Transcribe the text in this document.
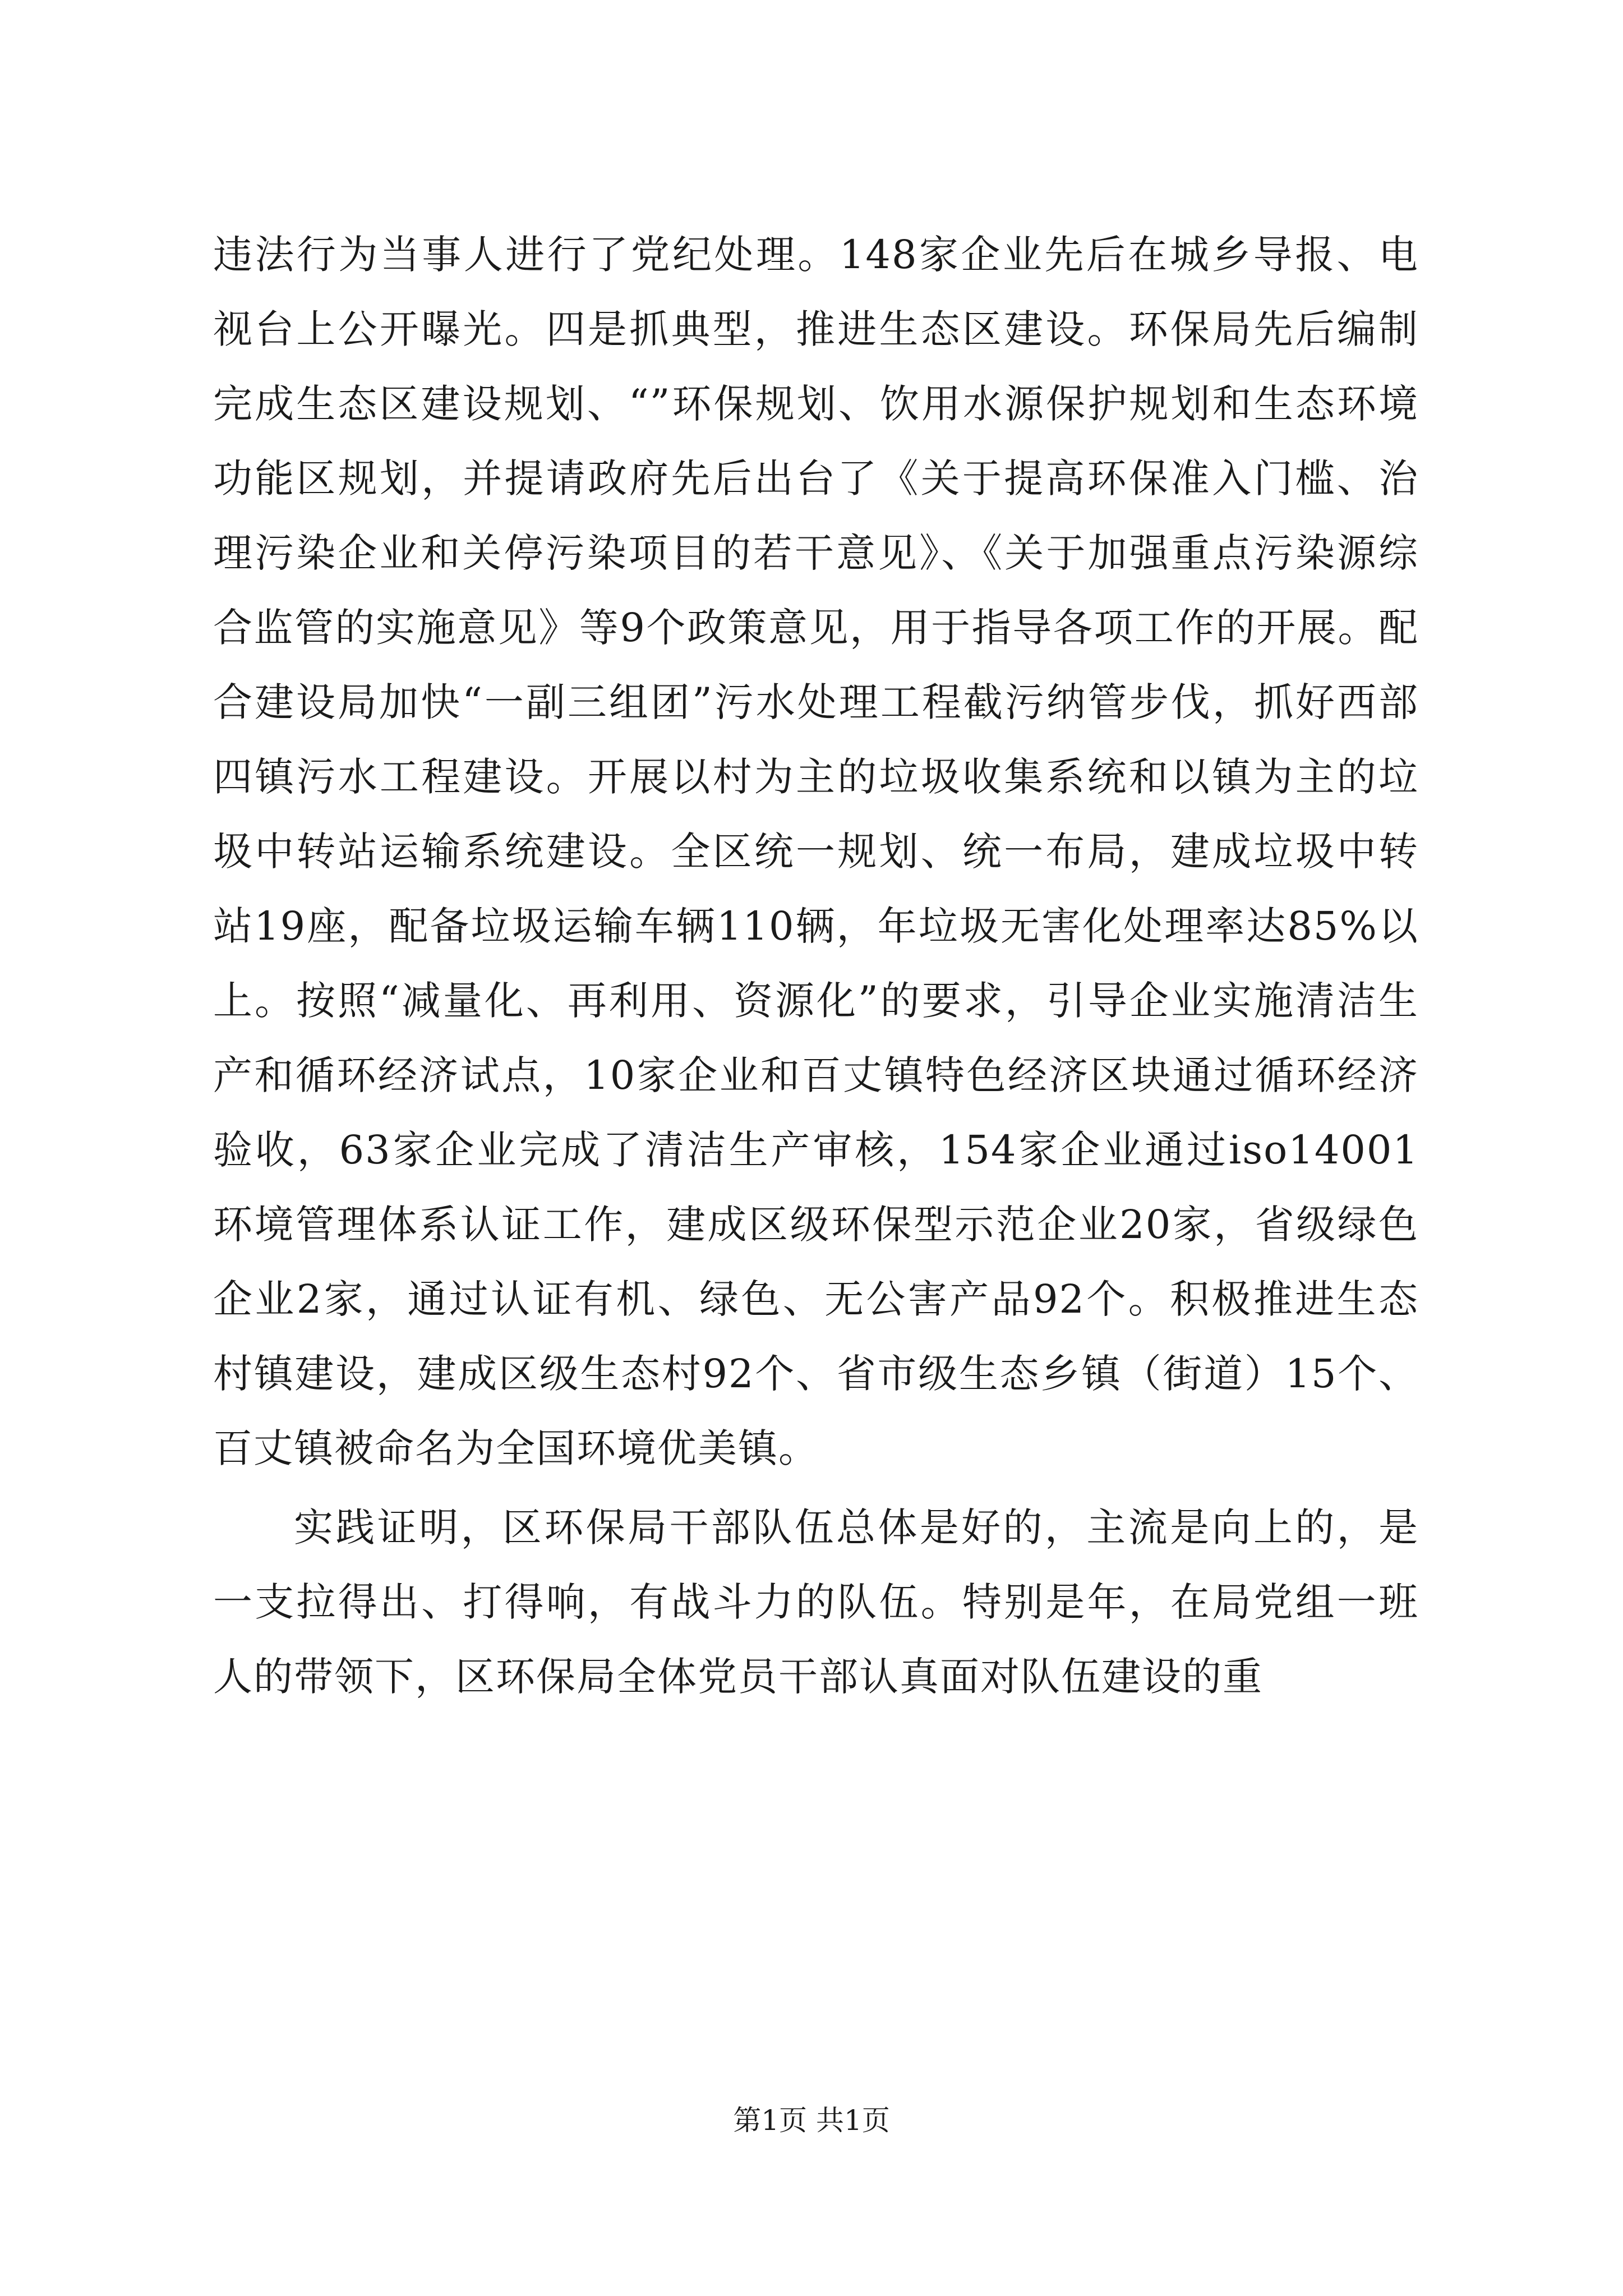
违法行为当事人进行了党纪处理。148家企业先后在城乡导报、电视台上公开曝光。四是抓典型，推进生态区建设。环保局先后编制完成生态区建设规划、“”环保规划、饮用水源保护规划和生态环境功能区规划，并提请政府先后出台了《关于提高环保准入门槛、治理污染企业和关停污染项目的若干意见》、《关于加强重点污染源综合监管的实施意见》等9个政策意见，用于指导各项工作的开展。配合建设局加快“一副三组团”污水处理工程截污纳管步伐，抓好西部四镇污水工程建设。开展以村为主的垃圾收集系统和以镇为主的垃圾中转站运输系统建设。全区统一规划、统一布局，建成垃圾中转站19座，配备垃圾运输车辆110辆，年垃圾无害化处理率达85%以上。按照“减量化、再利用、资源化”的要求，引导企业实施清洁生产和循环经济试点，10家企业和百丈镇特色经济区块通过循环经济验收，63家企业完成了清洁生产审核，154家企业通过iso14001环境管理体系认证工作，建成区级环保型示范企业20家，省级绿色企业2家，通过认证有机、绿色、无公害产品92个。积极推进生态村镇建设，建成区级生态村92个、省市级生态乡镇（街道）15个、百丈镇被命名为全国环境优美镇。

实践证明，区环保局干部队伍总体是好的，主流是向上的，是一支拉得出、打得响，有战斗力的队伍。特别是年，在局党组一班人的带领下，区环保局全体党员干部认真面对队伍建设的重

第1页 共1页
